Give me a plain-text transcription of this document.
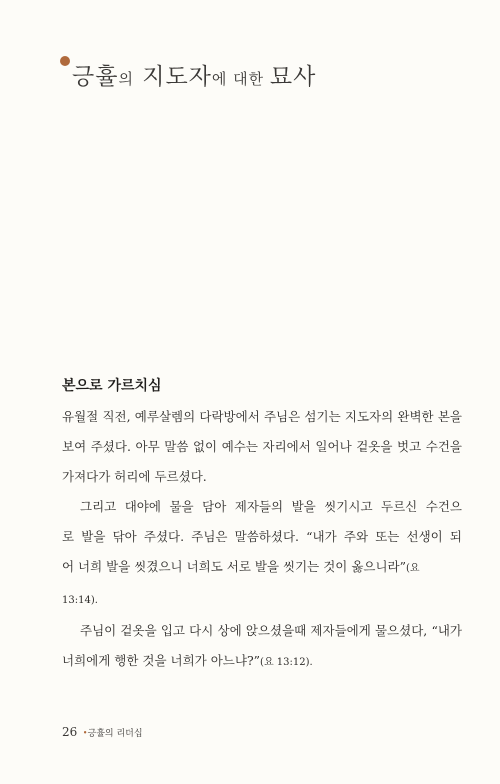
긍휼의 지도자에 대한 묘사
본으로 가르치심
유월절 직전, 예루살렘의 다락방에서 주님은 섬기는 지도자의 완벽한 본을
보여 주셨다. 아무 말씀 없이 예수는 자리에서 일어나 겉옷을 벗고 수건을
가져다가 허리에 두르셨다.
그리고 대야에 물을 담아 제자들의 발을 씻기시고 두르신 수건으
로 발을 닦아 주셨다. 주님은 말씀하셨다. “내가 주와 또는 선생이 되
어 너희 발을 씻겼으니 너희도 서로 발을 씻기는 것이 옳으니라”(요
13:14).
주님이 겉옷을 입고 다시 상에 앉으셨을때 제자들에게 물으셨다, “내가
너희에게 행한 것을 너희가 아느냐?”(요 13:12).
26 •긍휼의 리더십
